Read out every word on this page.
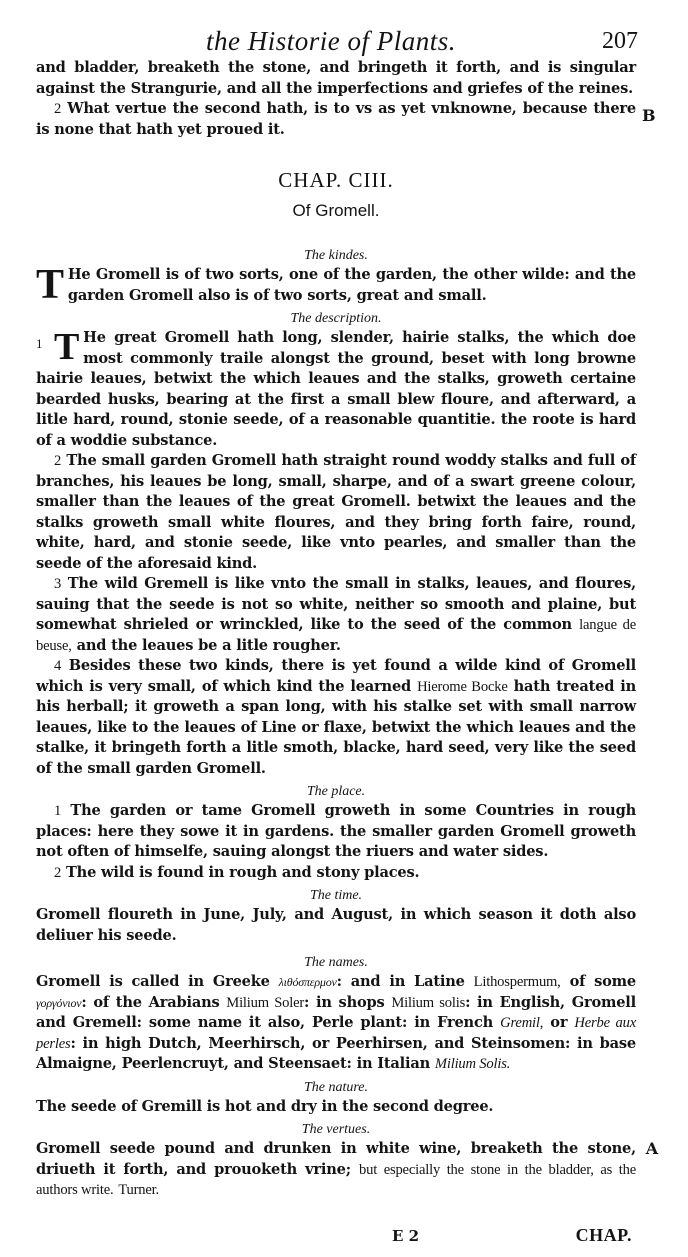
the Historie of Plants.	207

and bladder, breaketh the stone, and bringeth it forth, and is singular against the Strangurie, and all the imperfections and griefes of the reines.

2 What vertue the second hath, is to vs as yet vnknowne, because there is none that hath yet proued it.

B
CHAP. CIII.
Of Gromell.
The kindes.

T He Gromell is of two sorts, one of the garden, the other wilde: and the garden Gromell also is of two sorts, great and small.

The description.

1 T He great Gromell hath long, slender, hairie stalks, the which doe most commonly traile alongst the ground, beset with long browne hairie leaues, betwixt the which leaues and the stalks, groweth certaine bearded husks, bearing at the first a small blew floure, and afterward, a litle hard, round, stonie seede, of a reasonable quantitie. the roote is hard of a woddie substance.

2 The small garden Gromell hath straight round woddy stalks and full of branches, his leaues be long, small, sharpe, and of a swart greene colour, smaller than the leaues of the great Gromell. betwixt the leaues and the stalks groweth small white floures, and they bring forth faire, round, white, hard, and stonie seede, like vnto pearles, and smaller than the seede of the aforesaid kind.

3 The wild Gremell is like vnto the small in stalks, leaues, and floures, sauing that the seede is not so white, neither so smooth and plaine, but somewhat shrieled or wrinckled, like to the seed of the common langue de beuse, and the leaues be a litle rougher.

4 Besides these two kinds, there is yet found a wilde kind of Gromell which is very small, of which kind the learned Hierome Bocke hath treated in his herball; it groweth a span long, with his stalke set with small narrow leaues, like to the leaues of Line or flaxe, betwixt the which leaues and the stalke, it bringeth forth a litle smoth, blacke, hard seed, very like the seed of the small garden Gromell.

The place.

1 The garden or tame Gromell groweth in some Countries in rough places: here they sowe it in gardens. the smaller garden Gromell groweth not often of himselfe, sauing alongst the riuers and water sides.

2 The wild is found in rough and stony places.

The time.

Gromell floureth in June, July, and August, in which season it doth also deliuer his seede.

The names.

Gromell is called in Greeke λιθόσπερμον: and in Latine Lithospermum, of some γοργόνιον: of the Arabians Milium Soler: in shops Milium solis: in English, Gromell and Gremell: some name it also, Perle plant: in French Gremil, or Herbe aux perles: in high Dutch, Meerhirsch, or Peerhirsen, and Steinsomen: in base Almaigne, Peerlencruyt, and Steensaet: in Italian Milium Solis.

The nature.

The seede of Gremill is hot and dry in the second degree.

The vertues.

Gromell seede pound and drunken in white wine, breaketh the stone, driueth it forth, and prouoketh vrine; but especially the stone in the bladder, as the authors write. Turner.
A

E 2	CHAP.
